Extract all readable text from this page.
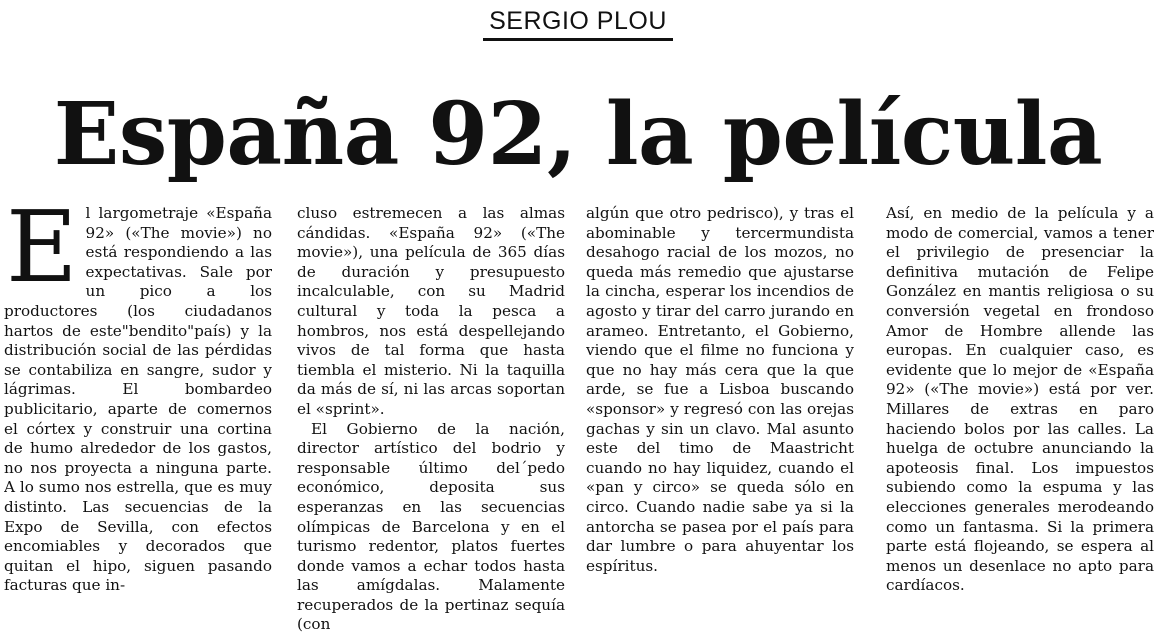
SERGIO PLOU
España 92, la película

El largometraje «España 92» («The movie») no está respondiendo a las expectativas. Sale por un pico a los productores (los ciudadanos hartos de este"bendito"país) y la distribución social de las pérdidas se contabiliza en sangre, sudor y lágrimas. El bombardeo publicitario, aparte de comernos el córtex y construir una cortina de humo alrededor de los gastos, no nos proyecta a ninguna parte. A lo sumo nos estrella, que es muy distinto. Las secuencias de la Expo de Sevilla, con efectos encomiables y decorados que quitan el hipo, siguen pasando facturas que in-

cluso estremecen a las almas cándidas. «España 92» («The movie»), una película de 365 días de duración y presupuesto incalculable, con su Madrid cultural y toda la pesca a hombros, nos está despellejando vivos de tal forma que hasta tiembla el misterio. Ni la taquilla da más de sí, ni las arcas soportan el «sprint».

El Gobierno de la nación, director artístico del bodrio y responsable último del´pedo económico, deposita sus esperanzas en las secuencias olímpicas de Barcelona y en el turismo redentor, platos fuertes donde vamos a echar todos hasta las amígdalas. Malamente recuperados de la pertinaz sequía (con

algún que otro pedrisco), y tras el abominable y tercermundista desahogo racial de los mozos, no queda más remedio que ajustarse la cincha, esperar los incendios de agosto y tirar del carro jurando en arameo. Entretanto, el Gobierno, viendo que el filme no funciona y que no hay más cera que la que arde, se fue a Lisboa buscando «sponsor» y regresó con las orejas gachas y sin un clavo. Mal asunto este del timo de Maastricht cuando no hay liquidez, cuando el «pan y circo» se queda sólo en circo. Cuando nadie sabe ya si la antorcha se pasea por el país para dar lumbre o para ahuyentar los espíritus.

Así, en medio de la película y a modo de comercial, vamos a tener el privilegio de presenciar la definitiva mutación de Felipe González en mantis religiosa o su conversión vegetal en frondoso Amor de Hombre allende las europas. En cualquier caso, es evidente que lo mejor de «España 92» («The movie») está por ver. Millares de extras en paro haciendo bolos por las calles. La huelga de octubre anunciando la apoteosis final. Los impuestos subiendo como la espuma y las elecciones generales merodeando como un fantasma. Si la primera parte está flojeando, se espera al menos un desenlace no apto para cardíacos.
